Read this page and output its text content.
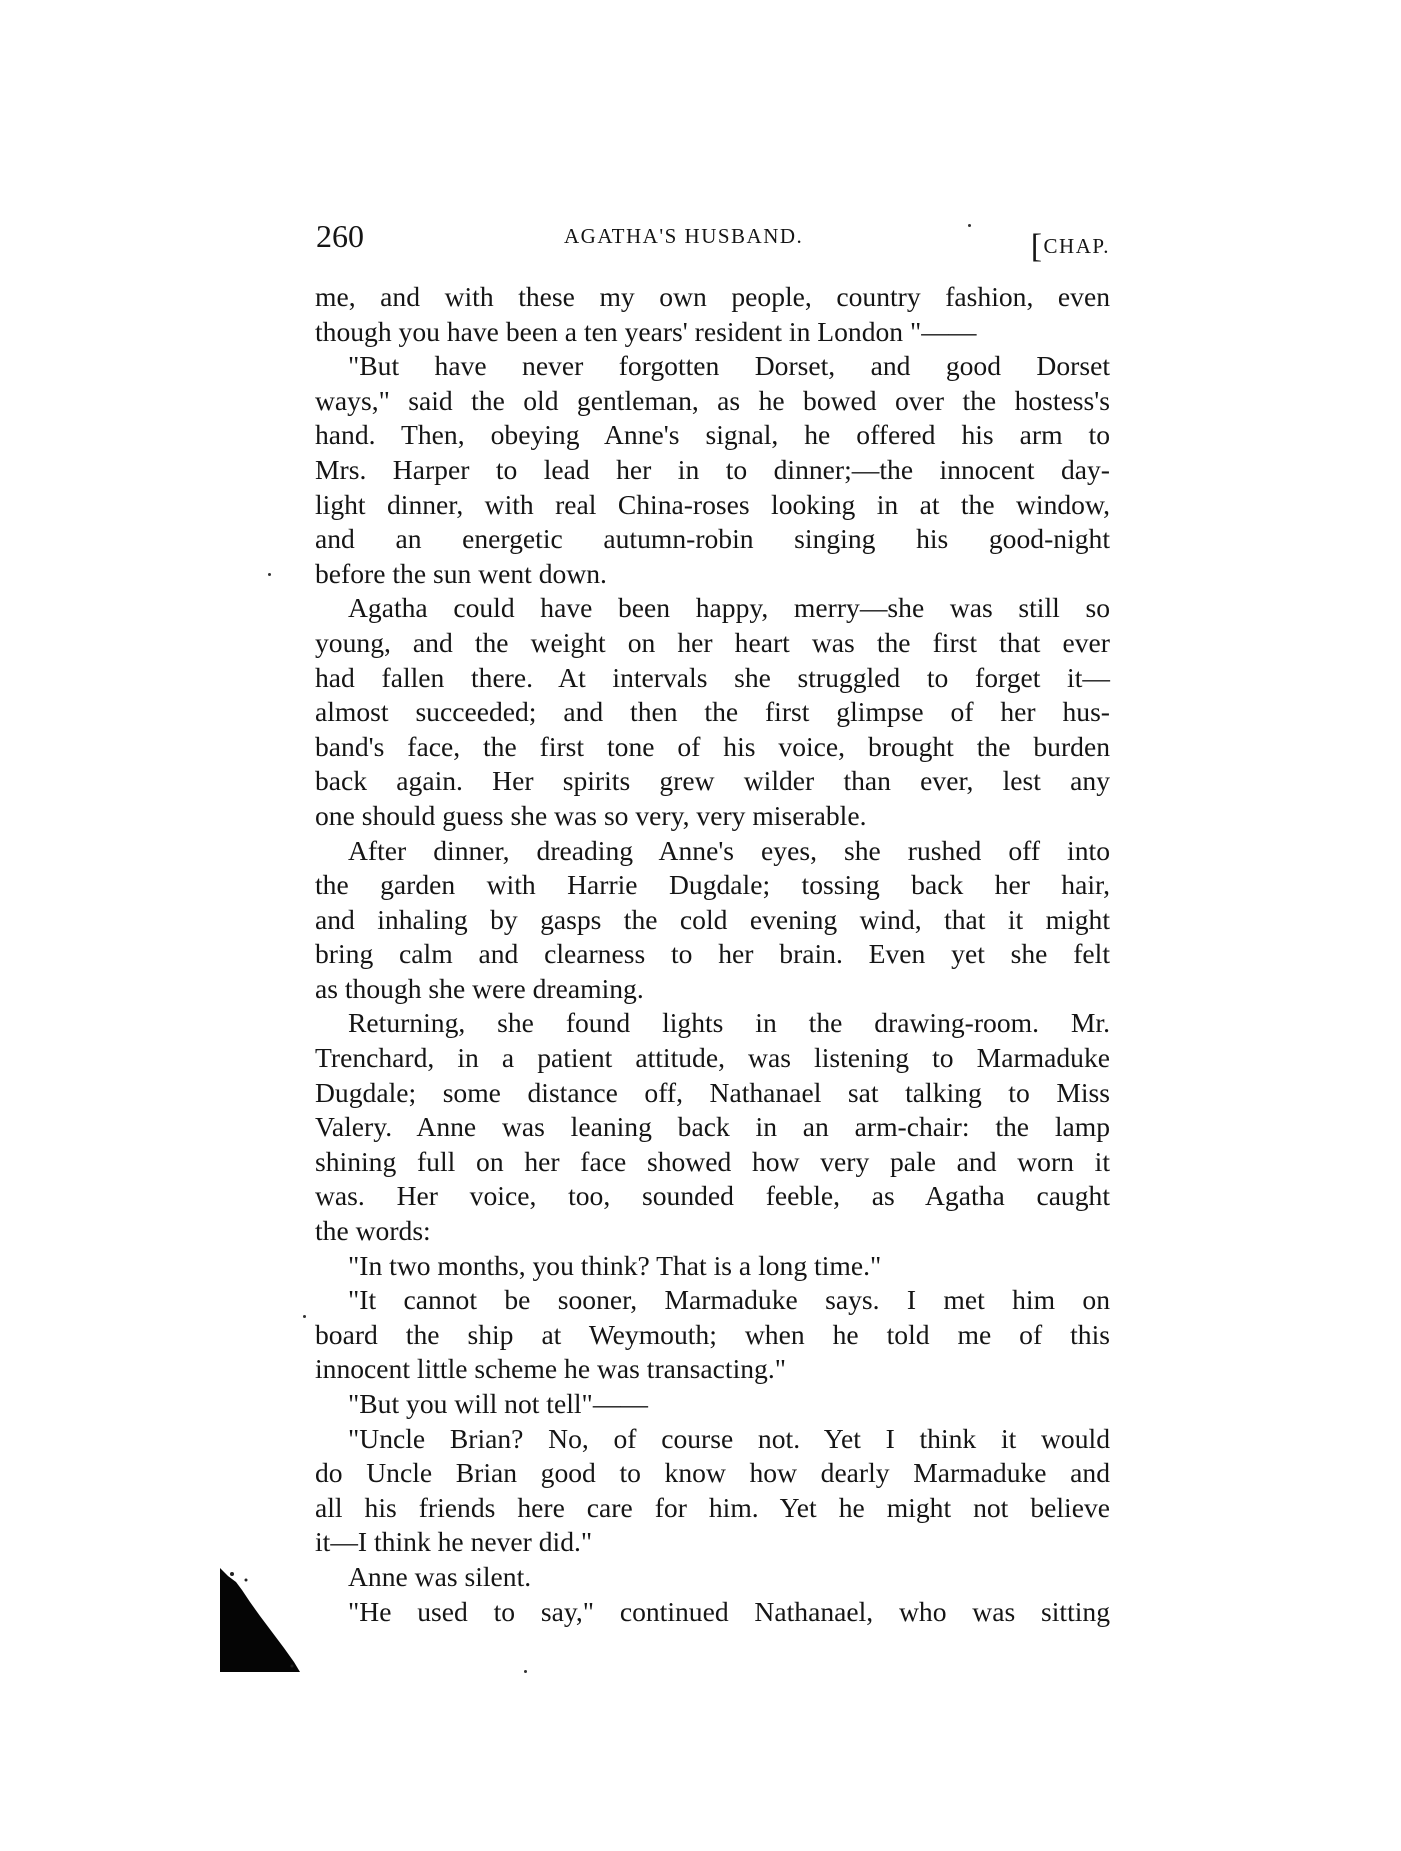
260	AGATHA'S HUSBAND.	[CHAP.
me, and with these my own people, country fashion, even
though you have been a ten years' resident in London "——
"But have never forgotten Dorset, and good Dorset
ways," said the old gentleman, as he bowed over the hostess's
hand. Then, obeying Anne's signal, he offered his arm to
Mrs. Harper to lead her in to dinner;—the innocent day-
light dinner, with real China-roses looking in at the window,
and an energetic autumn-robin singing his good-night
before the sun went down.
Agatha could have been happy, merry—she was still so
young, and the weight on her heart was the first that ever
had fallen there. At intervals she struggled to forget it—
almost succeeded; and then the first glimpse of her hus-
band's face, the first tone of his voice, brought the burden
back again. Her spirits grew wilder than ever, lest any
one should guess she was so very, very miserable.
After dinner, dreading Anne's eyes, she rushed off into
the garden with Harrie Dugdale; tossing back her hair,
and inhaling by gasps the cold evening wind, that it might
bring calm and clearness to her brain. Even yet she felt
as though she were dreaming.
Returning, she found lights in the drawing-room. Mr.
Trenchard, in a patient attitude, was listening to Marmaduke
Dugdale; some distance off, Nathanael sat talking to Miss
Valery. Anne was leaning back in an arm-chair: the lamp
shining full on her face showed how very pale and worn it
was. Her voice, too, sounded feeble, as Agatha caught
the words:
"In two months, you think? That is a long time."
"It cannot be sooner, Marmaduke says. I met him on
board the ship at Weymouth; when he told me of this
innocent little scheme he was transacting."
"But you will not tell"——
"Uncle Brian? No, of course not. Yet I think it would
do Uncle Brian good to know how dearly Marmaduke and
all his friends here care for him. Yet he might not believe
it—I think he never did."
Anne was silent.
"He used to say," continued Nathanael, who was sitting
